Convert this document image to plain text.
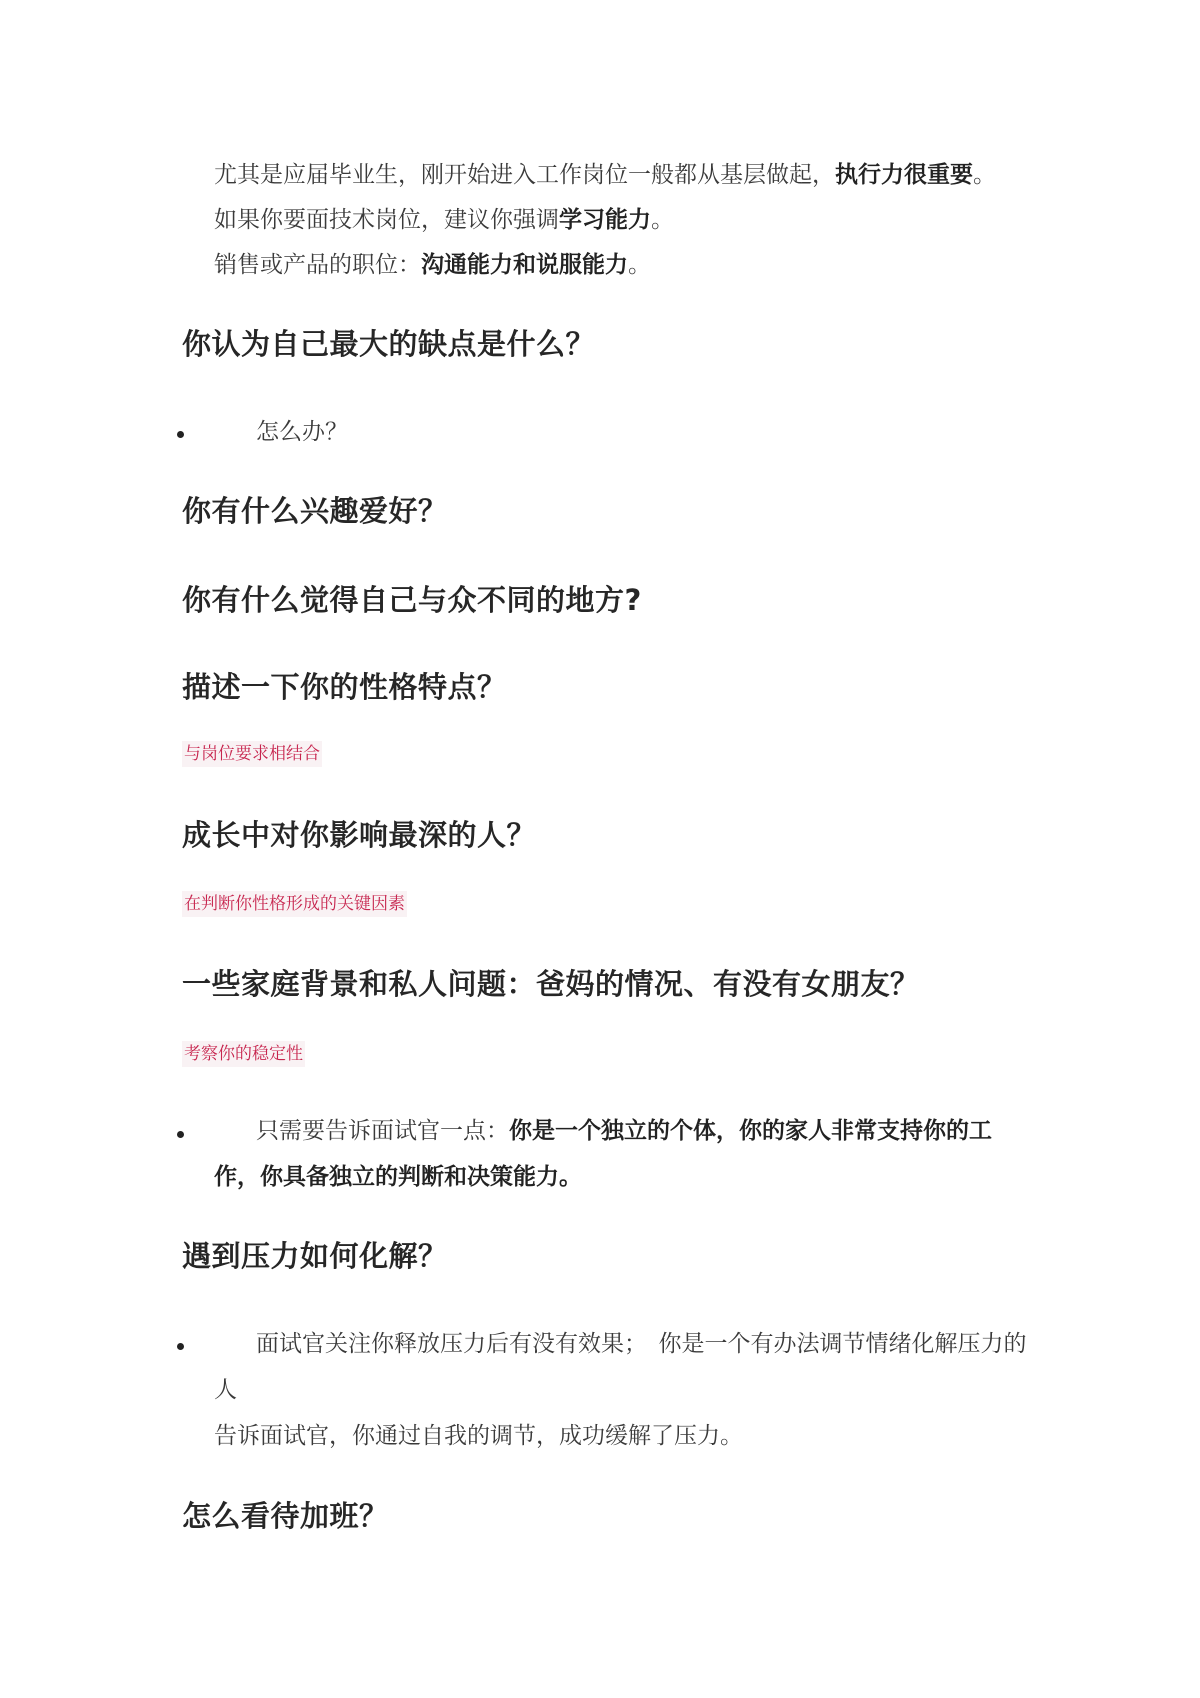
尤其是应届毕业生，刚开始进入工作岗位一般都从基层做起，执行力很重要。
如果你要面技术岗位，建议你强调学习能力。
销售或产品的职位：沟通能力和说服能力。
你认为自己最大的缺点是什么？
怎么办？
你有什么兴趣爱好？
你有什么觉得自己与众不同的地方?
描述一下你的性格特点？
与岗位要求相结合
成长中对你影响最深的人？
在判断你性格形成的关键因素
一些家庭背景和私人问题：爸妈的情况、有没有女朋友？
考察你的稳定性
只需要告诉面试官一点：你是一个独立的个体，你的家人非常支持你的工作，你具备独立的判断和决策能力。
遇到压力如何化解？
面试官关注你释放压力后有没有效果；　你是一个有办法调节情绪化解压力的人
告诉面试官，你通过自我的调节，成功缓解了压力。
怎么看待加班？
